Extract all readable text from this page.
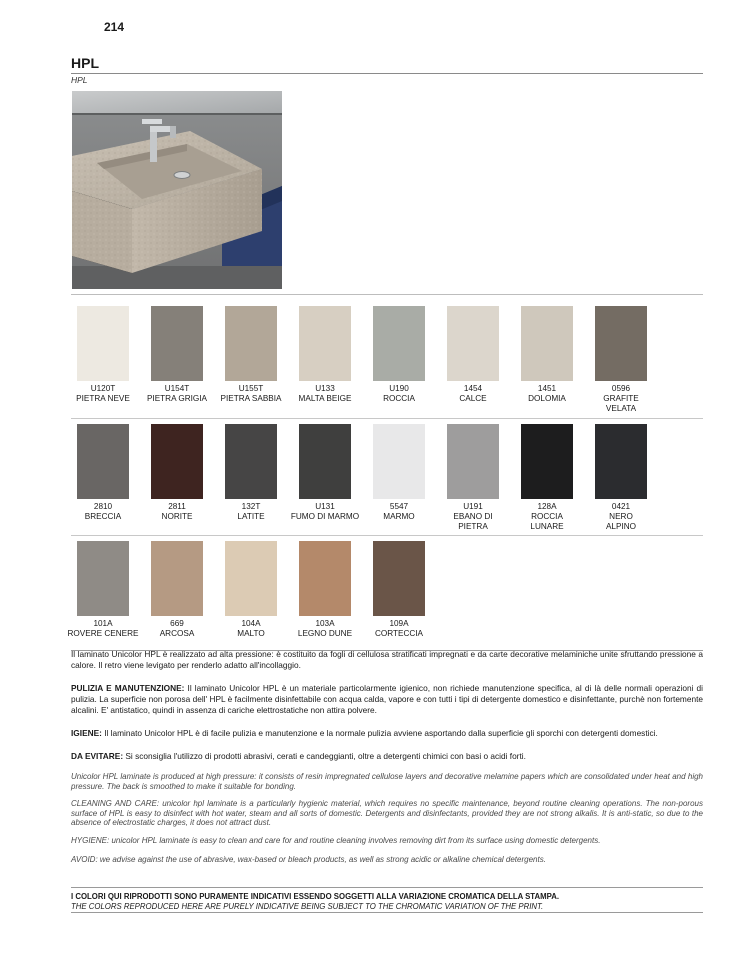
214
HPL
HPL
U120T
PIETRA NEVE
U154T
PIETRA GRIGIA
U155T
PIETRA SABBIA
U133
MALTA BEIGE
U190
ROCCIA
1454
CALCE
1451
DOLOMIA
0596
GRAFITE
VELATA
2810
BRECCIA
2811
NORITE
132T
LATITE
U131
FUMO DI MARMO
5547
MARMO
U191
EBANO DI
PIETRA
128A
ROCCIA
LUNARE
0421
NERO
ALPINO
101A
ROVERE CENERE
669
ARCOSA
104A
MALTO
103A
LEGNO DUNE
109A
CORTECCIA
Il laminato Unicolor HPL è realizzato ad alta pressione: è costituito da fogli di cellulosa stratificati impregnati e da carte decorative melaminiche unite sfruttando pressione a calore. Il retro viene levigato per renderlo adatto all'incollaggio.
PULIZIA E MANUTENZIONE: Il laminato Unicolor HPL è un materiale particolarmente igienico, non richiede manutenzione specifica, al di là delle normali operazioni di pulizia. La superficie non porosa dell' HPL è facilmente disinfettabile con acqua calda, vapore e con tutti i tipi di detergente domestico e disinfettante, purchè non fortemente alcalini. E' antistatico, quindi in assenza di cariche elettrostatiche non attira polvere.
IGIENE: Il laminato Unicolor HPL è di facile pulizia e manutenzione e la normale pulizia avviene asportando dalla superficie gli sporchi con detergenti domestici.
DA EVITARE: Si sconsiglia l'utilizzo di prodotti abrasivi, cerati e candeggianti, oltre a detergenti chimici con basi o acidi forti.
Unicolor HPL laminate is produced at high pressure: it consists of resin impregnated cellulose layers and decorative melamine papers which are consolidated under heat and high pressure. The back is smoothed to make it suitable for bonding.
CLEANING AND CARE: unicolor hpl laminate is a particularly hygienic material, which requires no specific maintenance, beyond routine cleaning operations. The non-porous surface of HPL is easy to disinfect with hot water, steam and all sorts of domestic. Detergents and disinfectants, provided they are not strong alkalis. It is anti-static, so due to the absence of electrostatic charges, it does not attract dust.
HYGIENE: unicolor HPL laminate is easy to clean and care for and routine cleaning involves removing dirt from its surface using domestic detergents.
AVOID: we advise against the use of abrasive, wax-based or bleach products, as well as strong acidic or alkaline chemical detergents.
I COLORI QUI RIPRODOTTI SONO PURAMENTE INDICATIVI ESSENDO SOGGETTI ALLA VARIAZIONE CROMATICA DELLA STAMPA.
THE COLORS REPRODUCED HERE ARE PURELY INDICATIVE BEING SUBJECT TO THE CHROMATIC VARIATION OF THE PRINT.
